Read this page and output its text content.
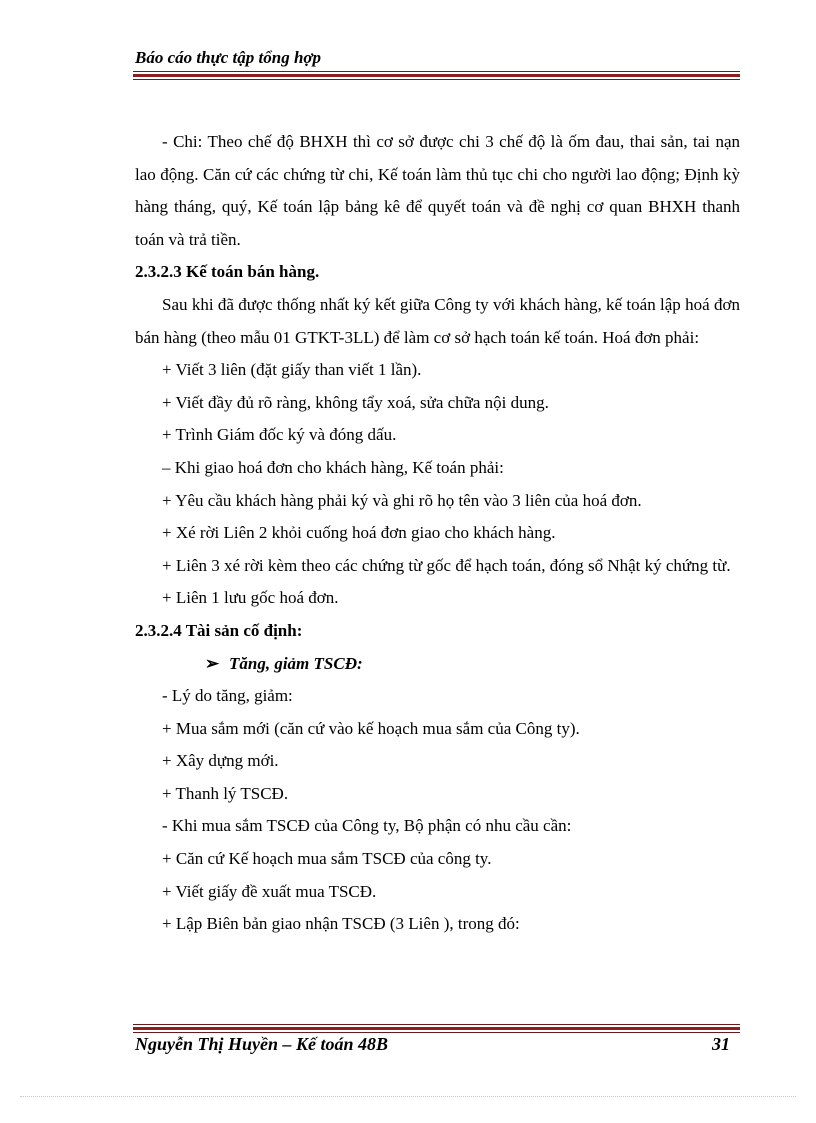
Báo cáo thực tập tổng hợp

- Chi: Theo chế độ BHXH thì cơ sở được chi 3 chế độ là ốm đau, thai sản, tai nạn lao động. Căn cứ các chứng từ chi, Kế toán làm thủ tục chi cho người lao động; Định kỳ hàng tháng, quý, Kế toán lập bảng kê để quyết toán và đề nghị cơ quan BHXH thanh toán và trả tiền.

2.3.2.3 Kế toán bán hàng.

Sau khi đã được thống nhất ký kết giữa Công ty với khách hàng, kế toán lập hoá đơn bán hàng (theo mẫu 01 GTKT-3LL) để làm cơ sở hạch toán kế toán. Hoá đơn phải:

+ Viết 3 liên (đặt giấy than viết 1 lần).

+ Viết đầy đủ rõ ràng, không tẩy xoá, sửa chữa nội dung.

+ Trình Giám đốc ký và đóng dấu.

– Khi giao hoá đơn cho khách hàng, Kế toán phải:

+ Yêu cầu khách hàng phải ký và ghi rõ họ tên vào 3 liên của hoá đơn.

+ Xé rời Liên 2 khỏi cuống hoá đơn giao cho khách hàng.

+ Liên 3 xé rời kèm theo các chứng từ gốc để hạch toán, đóng sổ Nhật ký chứng từ.

+ Liên 1 lưu gốc hoá đơn.

2.3.2.4 Tài sản cố định:

➢ Tăng, giảm TSCĐ:

- Lý do tăng, giảm:

+ Mua sắm mới (căn cứ vào kế hoạch mua sắm của Công ty).

+ Xây dựng mới.

+ Thanh lý TSCĐ.

- Khi mua sắm TSCĐ của Công ty, Bộ phận có nhu cầu cần:

+ Căn cứ Kế hoạch mua sắm TSCĐ của công ty.

+ Viết giấy đề xuất mua TSCĐ.

+ Lập Biên bản giao nhận TSCĐ (3 Liên ), trong đó:

Nguyễn Thị Huyền – Kế toán 48B	31
